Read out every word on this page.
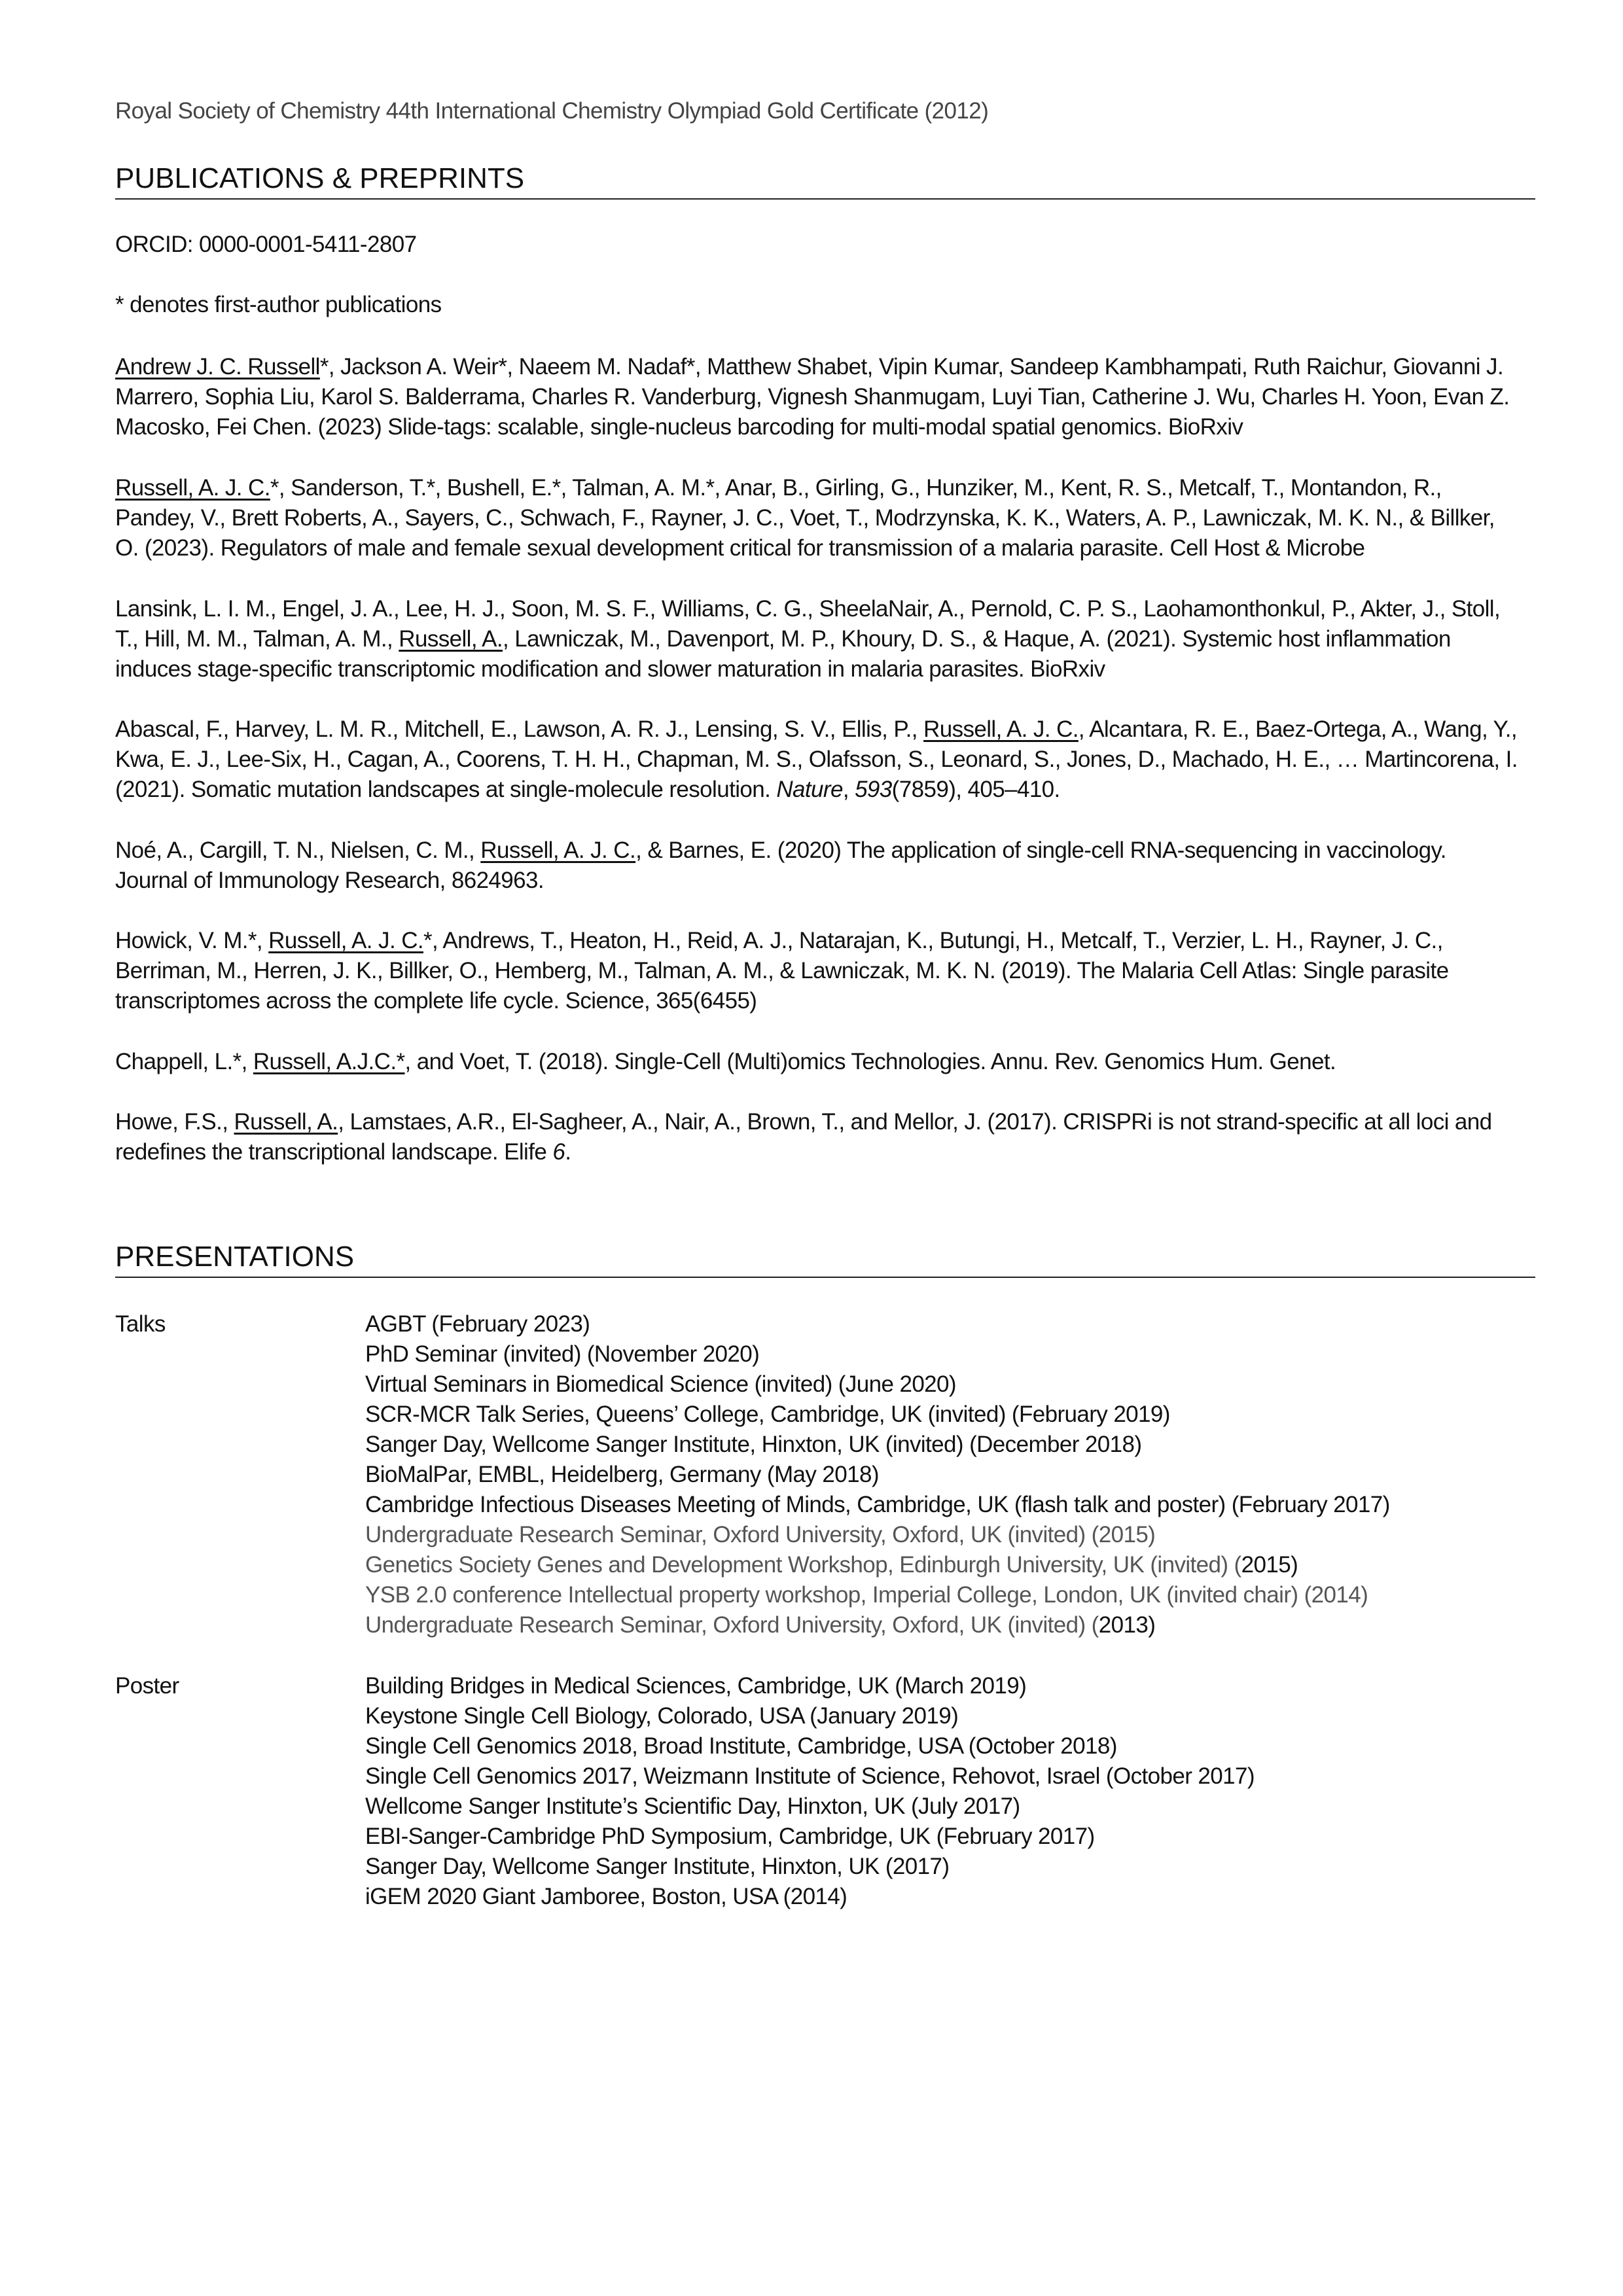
Royal Society of Chemistry 44th International Chemistry Olympiad Gold Certificate (2012)
PUBLICATIONS & PREPRINTS
ORCID: 0000-0001-5411-2807
* denotes first-author publications
Andrew J. C. Russell*, Jackson A. Weir*, Naeem M. Nadaf*, Matthew Shabet, Vipin Kumar, Sandeep Kambhampati, Ruth Raichur, Giovanni J. Marrero, Sophia Liu, Karol S. Balderrama, Charles R. Vanderburg, Vignesh Shanmugam, Luyi Tian, Catherine J. Wu, Charles H. Yoon, Evan Z. Macosko, Fei Chen. (2023) Slide-tags: scalable, single-nucleus barcoding for multi-modal spatial genomics. BioRxiv
Russell, A. J. C.*, Sanderson, T.*, Bushell, E.*, Talman, A. M.*, Anar, B., Girling, G., Hunziker, M., Kent, R. S., Metcalf, T., Montandon, R., Pandey, V., Brett Roberts, A., Sayers, C., Schwach, F., Rayner, J. C., Voet, T., Modrzynska, K. K., Waters, A. P., Lawniczak, M. K. N., & Billker, O. (2023). Regulators of male and female sexual development critical for transmission of a malaria parasite. Cell Host & Microbe
Lansink, L. I. M., Engel, J. A., Lee, H. J., Soon, M. S. F., Williams, C. G., SheelaNair, A., Pernold, C. P. S., Laohamonthonkul, P., Akter, J., Stoll, T., Hill, M. M., Talman, A. M., Russell, A., Lawniczak, M., Davenport, M. P., Khoury, D. S., & Haque, A. (2021). Systemic host inflammation induces stage-specific transcriptomic modification and slower maturation in malaria parasites. BioRxiv
Abascal, F., Harvey, L. M. R., Mitchell, E., Lawson, A. R. J., Lensing, S. V., Ellis, P., Russell, A. J. C., Alcantara, R. E., Baez-Ortega, A., Wang, Y., Kwa, E. J., Lee-Six, H., Cagan, A., Coorens, T. H. H., Chapman, M. S., Olafsson, S., Leonard, S., Jones, D., Machado, H. E., … Martincorena, I. (2021). Somatic mutation landscapes at single-molecule resolution. Nature, 593(7859), 405–410.
Noé, A., Cargill, T. N., Nielsen, C. M., Russell, A. J. C., & Barnes, E. (2020) The application of single-cell RNA-sequencing in vaccinology. Journal of Immunology Research, 8624963.
Howick, V. M.*, Russell, A. J. C.*, Andrews, T., Heaton, H., Reid, A. J., Natarajan, K., Butungi, H., Metcalf, T., Verzier, L. H., Rayner, J. C., Berriman, M., Herren, J. K., Billker, O., Hemberg, M., Talman, A. M., & Lawniczak, M. K. N. (2019). The Malaria Cell Atlas: Single parasite transcriptomes across the complete life cycle. Science, 365(6455)
Chappell, L.*, Russell, A.J.C.*, and Voet, T. (2018). Single-Cell (Multi)omics Technologies. Annu. Rev. Genomics Hum. Genet.
Howe, F.S., Russell, A., Lamstaes, A.R., El-Sagheer, A., Nair, A., Brown, T., and Mellor, J. (2017). CRISPRi is not strand-specific at all loci and redefines the transcriptional landscape. Elife 6.
PRESENTATIONS
Talks	AGBT (February 2023)
PhD Seminar (invited) (November 2020)
Virtual Seminars in Biomedical Science (invited) (June 2020)
SCR-MCR Talk Series, Queens’ College, Cambridge, UK (invited) (February 2019)
Sanger Day, Wellcome Sanger Institute, Hinxton, UK (invited) (December 2018)
BioMalPar, EMBL, Heidelberg, Germany (May 2018)
Cambridge Infectious Diseases Meeting of Minds, Cambridge, UK (flash talk and poster) (February 2017)
Undergraduate Research Seminar, Oxford University, Oxford, UK (invited) (2015)
Genetics Society Genes and Development Workshop, Edinburgh University, UK (invited) (2015)
YSB 2.0 conference Intellectual property workshop, Imperial College, London, UK (invited chair) (2014)
Undergraduate Research Seminar, Oxford University, Oxford, UK (invited) (2013)
Poster	Building Bridges in Medical Sciences, Cambridge, UK (March 2019)
Keystone Single Cell Biology, Colorado, USA (January 2019)
Single Cell Genomics 2018, Broad Institute, Cambridge, USA (October 2018)
Single Cell Genomics 2017, Weizmann Institute of Science, Rehovot, Israel (October 2017)
Wellcome Sanger Institute’s Scientific Day, Hinxton, UK (July 2017)
EBI-Sanger-Cambridge PhD Symposium, Cambridge, UK (February 2017)
Sanger Day, Wellcome Sanger Institute, Hinxton, UK (2017)
iGEM 2020 Giant Jamboree, Boston, USA (2014)
